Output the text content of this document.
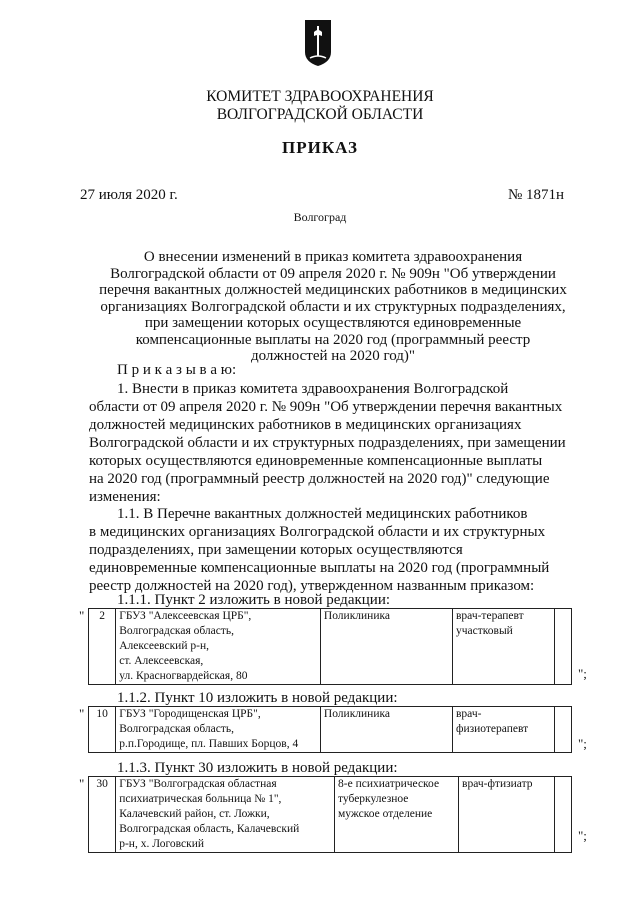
КОМИТЕТ ЗДРАВООХРАНЕНИЯ
ВОЛГОГРАДСКОЙ ОБЛАСТИ
ПРИКАЗ
27 июля 2020 г.	№ 1871н
Волгоград
О внесении изменений в приказ комитета здравоохранения
Волгоградской области от 09 апреля 2020 г. № 909н "Об утверждении
перечня вакантных должностей медицинских работников в медицинских
организациях Волгоградской области и их структурных подразделениях,
при замещении которых осуществляются единовременные
компенсационные выплаты на 2020 год (программный реестр
должностей на 2020 год)"
П р и к а з ы в а ю:
1. Внести в приказ комитета здравоохранения Волгоградской
области от 09 апреля 2020 г. № 909н "Об утверждении перечня вакантных
должностей медицинских работников в медицинских организациях
Волгоградской области и их структурных подразделениях, при замещении
которых осуществляются единовременные компенсационные выплаты
на 2020 год (программный реестр должностей на 2020 год)" следующие
изменения:
1.1. В Перечне вакантных должностей медицинских работников
в медицинских организациях Волгоградской области и их структурных
подразделениях, при замещении которых осуществляются
единовременные компенсационные выплаты на 2020 год (программный
реестр должностей на 2020 год), утвержденном названным приказом:
1.1.1. Пункт 2 изложить в новой редакции:
" 2	ГБУЗ "Алексеевская ЦРБ",
Волгоградская область,
Алексеевский р-н,
ст. Алексеевская,
ул. Красногвардейская, 80

Поликлиника	врач-терапевт
участковый

";
1.1.2. Пункт 10 изложить в новой редакции:
" 10	ГБУЗ "Городищенская ЦРБ",
Волгоградская область,
р.п.Городище, пл. Павших Борцов, 4

Поликлиника	врач-
физиотерапевт

";
1.1.3. Пункт 30 изложить в новой редакции:
" 30	ГБУЗ "Волгоградская областная
психиатрическая больница № 1",
Калачевский район, ст. Ложки,
Волгоградская область, Калачевский
р-н, х. Логовский

8-е психиатрическое
туберкулезное
мужское отделение

врач-фтизиатр

";
